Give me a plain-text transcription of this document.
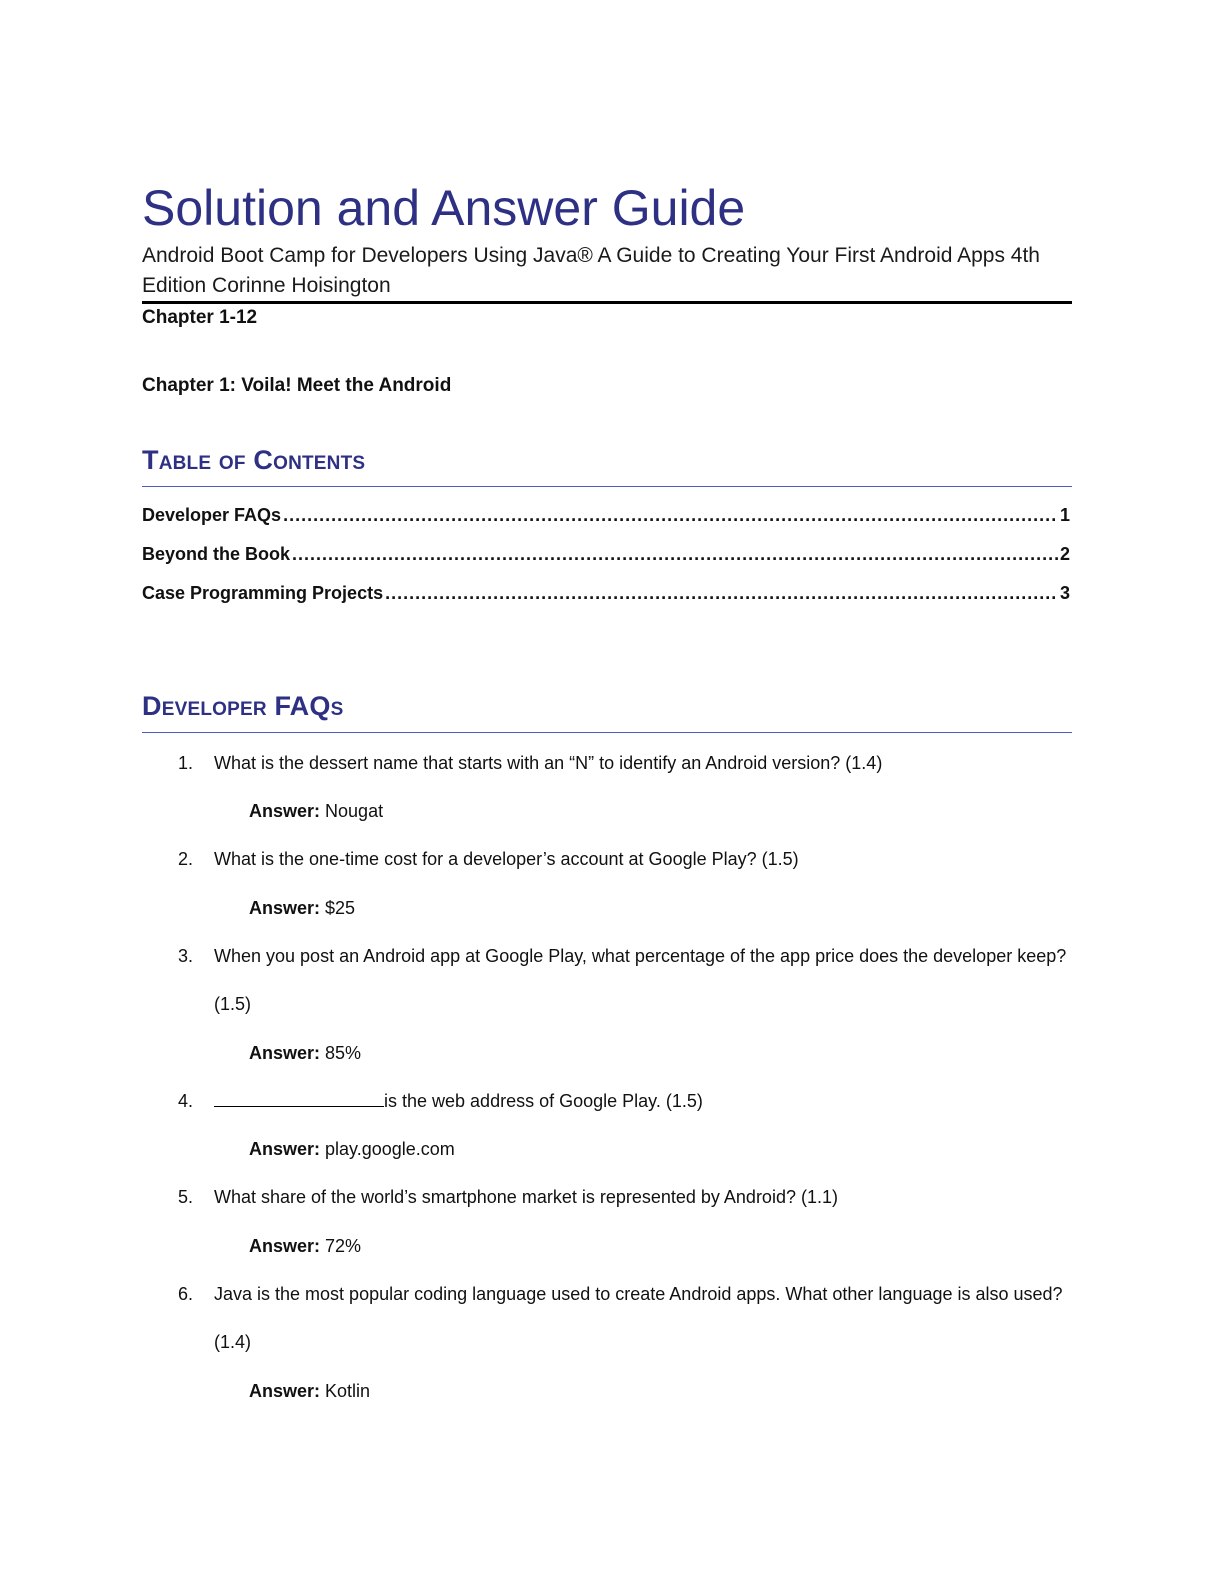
Solution and Answer Guide

Android Boot Camp for Developers Using Java® A Guide to Creating Your First Android Apps 4th Edition Corinne Hoisington

Chapter 1-12

Chapter 1: Voila! Meet the Android

Table of Contents
Developer FAQs .....	1
Beyond the Book .....	2
Case Programming Projects .....	3
Developer FAQs
1. What is the dessert name that starts with an “N” to identify an Android version? (1.4)
Answer: Nougat
2. What is the one-time cost for a developer’s account at Google Play? (1.5)
Answer: $25
3. When you post an Android app at Google Play, what percentage of the app price does the developer keep? (1.5)
Answer: 85%
4.	is the web address of Google Play. (1.5)
Answer: play.google.com
5. What share of the world’s smartphone market is represented by Android? (1.1)
Answer: 72%
6. Java is the most popular coding language used to create Android apps. What other language is also used? (1.4)
Answer: Kotlin
